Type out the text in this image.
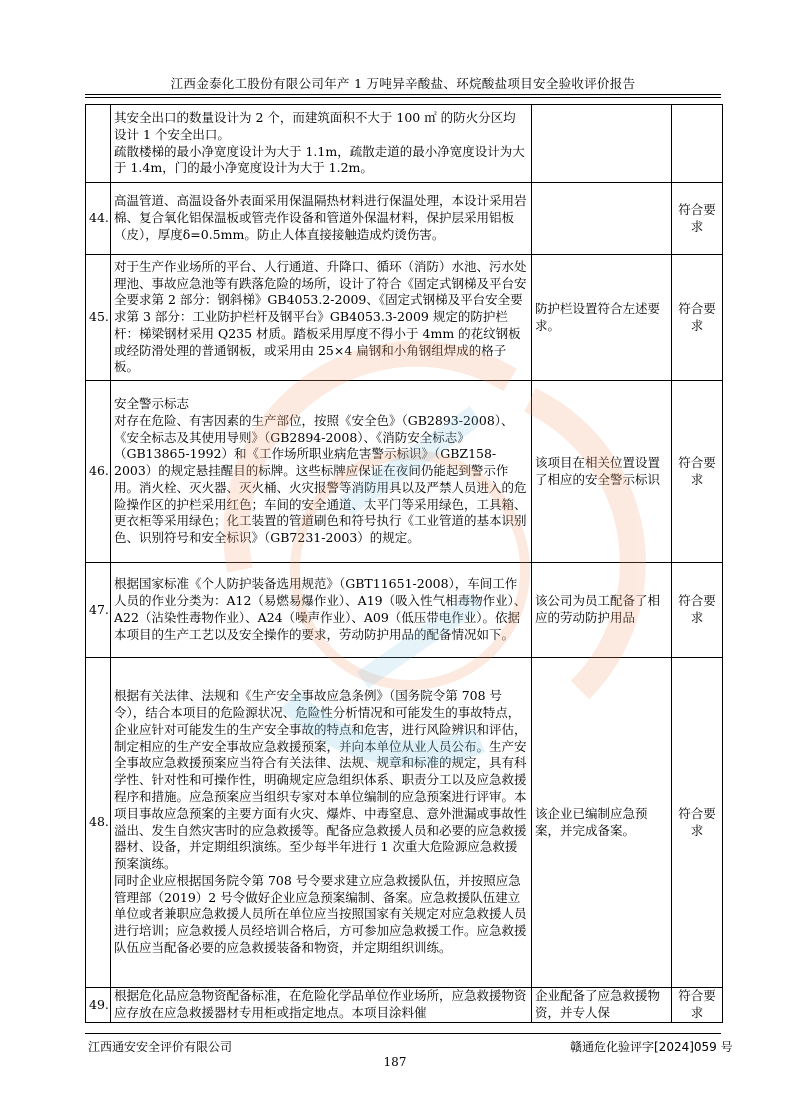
江西金泰化工股份有限公司年产 1 万吨异辛酸盐、环烷酸盐项目安全验收评价报告

	其安全出口的数量设计为 2 个，而建筑面积不大于 100 ㎡ 的防火分区均设计 1 个安全出口。

疏散楼梯的最小净宽度设计为大于 1.1m，疏散走道的最小净宽度设计为大于 1.4m，门的最小净宽度设计为大于 1.2m。		

44.	高温管道、高温设备外表面采用保温隔热材料进行保温处理，本设计采用岩棉、复合氧化铝保温板或管壳作设备和管道外保温材料，保护层采用铝板（皮），厚度δ=0.5mm。防止人体直接接触造成灼烫伤害。		符合要求
45.	对于生产作业场所的平台、人行通道、升降口、循环（消防）水池、污水处理池、事故应急池等有跌落危险的场所，设计了符合《固定式钢梯及平台安全要求第 2 部分：钢斜梯》GB4053.2-2009、《固定式钢梯及平台安全要求第 3 部分：工业防护栏杆及钢平台》GB4053.3-2009 规定的防护栏杆：梯梁钢材采用 Q235 材质。踏板采用厚度不得小于 4mm 的花纹钢板或经防滑处理的普通钢板，或采用由 25×4 扁钢和小角钢组焊成的格子板。	防护栏设置符合左述要求。	符合要求
46.	安全警示标志

对存在危险、有害因素的生产部位，按照《安全色》（GB2893-2008）、《安全标志及其使用导则》（GB2894-2008）、《消防安全标志》（GB13865-1992）和《工作场所职业病危害警示标识》（GBZ158-2003）的规定悬挂醒目的标牌。这些标牌应保证在夜间仍能起到警示作用。消火栓、灭火器、灭火桶、火灾报警等消防用具以及严禁人员进入的危险操作区的护栏采用红色；车间的安全通道、太平门等采用绿色，工具箱、更衣柜等采用绿色；化工装置的管道刷色和符号执行《工业管道的基本识别色、识别符号和安全标识》（GB7231-2003）的规定。	该项目在相关位置设置了相应的安全警示标识	符合要求
47.	根据国家标准《个人防护装备选用规范》（GBT11651-2008），车间工作人员的作业分类为：A12（易燃易爆作业）、A19（吸入性气相毒物作业）、A22（沾染性毒物作业）、A24（噪声作业）、A09（低压带电作业）。依据本项目的生产工艺以及安全操作的要求，劳动防护用品的配备情况如下。	该公司为员工配备了相应的劳动防护用品	符合要求
48.	根据有关法律、法规和《生产安全事故应急条例》（国务院令第 708 号令），结合本项目的危险源状况、危险性分析情况和可能发生的事故特点，企业应针对可能发生的生产安全事故的特点和危害，进行风险辨识和评估，制定相应的生产安全事故应急救援预案，并向本单位从业人员公布。生产安全事故应急救援预案应当符合有关法律、法规、规章和标准的规定，具有科学性、针对性和可操作性，明确规定应急组织体系、职责分工以及应急救援程序和措施。应急预案应当组织专家对本单位编制的应急预案进行评审。本项目事故应急预案的主要方面有火灾、爆炸、中毒窒息、意外泄漏或事故性溢出、发生自然灾害时的应急救援等。配备应急救援人员和必要的应急救援器材、设备，并定期组织演练。至少每半年进行 1 次重大危险源应急救援预案演练。

同时企业应根据国务院令第 708 号令要求建立应急救援队伍，并按照应急管理部（2019）2 号令做好企业应急预案编制、备案。应急救援队伍建立单位或者兼职应急救援人员所在单位应当按照国家有关规定对应急救援人员进行培训；应急救援人员经培训合格后，方可参加应急救援工作。应急救援队伍应当配备必要的应急救援装备和物资，并定期组织训练。	该企业已编制应急预案，并完成备案。	符合要求
49.	根据危化品应急物资配备标准，在危险化学品单位作业场所，应急救援物资应存放在应急救援器材专用柜或指定地点。本项目涂料催	企业配备了应急救援物资，并专人保	符合要求
江西通安安全评价有限公司	赣通危化验评字[2024]059 号
187
